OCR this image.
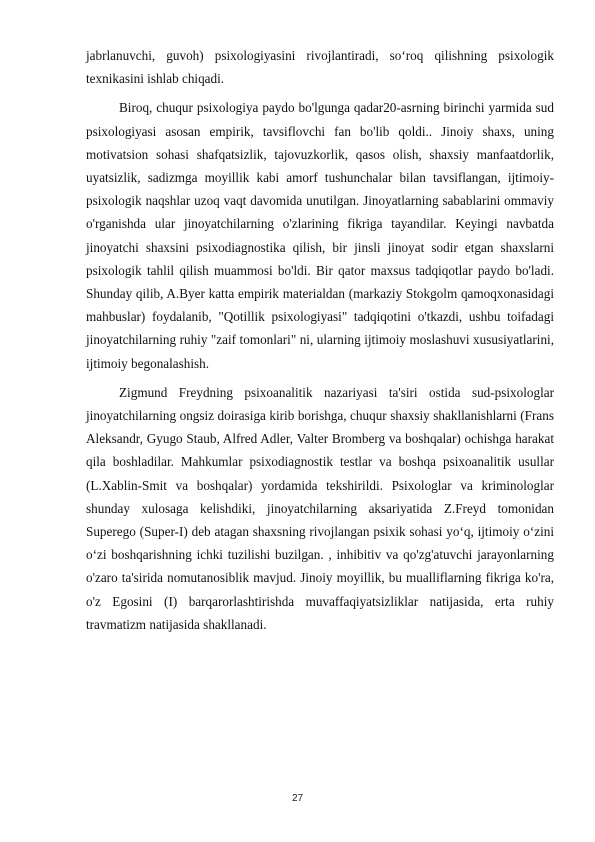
jabrlanuvchi, guvoh) psixologiyasini rivojlantiradi, so‘roq qilishning psixologik texnikasini ishlab chiqadi.

Biroq, chuqur psixologiya paydo bo'lgunga qadar20-asrning birinchi yarmida sud psixologiyasi asosan empirik, tavsiflovchi fan bo'lib qoldi.. Jinoiy shaxs, uning motivatsion sohasi shafqatsizlik, tajovuzkorlik, qasos olish, shaxsiy manfaatdorlik, uyatsizlik, sadizmga moyillik kabi amorf tushunchalar bilan tavsiflangan, ijtimoiy-psixologik naqshlar uzoq vaqt davomida unutilgan. Jinoyatlarning sabablarini ommaviy o'rganishda ular jinoyatchilarning o'zlarining fikriga tayandilar. Keyingi navbatda jinoyatchi shaxsini psixodiagnostika qilish, bir jinsli jinoyat sodir etgan shaxslarni psixologik tahlil qilish muammosi bo'ldi. Bir qator maxsus tadqiqotlar paydo bo'ladi. Shunday qilib, A.Byer katta empirik materialdan (markaziy Stokgolm qamoqxonasidagi mahbuslar) foydalanib, "Qotillik psixologiyasi" tadqiqotini o'tkazdi, ushbu toifadagi jinoyatchilarning ruhiy "zaif tomonlari" ni, ularning ijtimoiy moslashuvi xususiyatlarini, ijtimoiy begonalashish.

Zigmund Freydning psixoanalitik nazariyasi ta'siri ostida sud-psixologlar jinoyatchilarning ongsiz doirasiga kirib borishga, chuqur shaxsiy shakllanishlarni (Frans Aleksandr, Gyugo Staub, Alfred Adler, Valter Bromberg va boshqalar) ochishga harakat qila boshladilar. Mahkumlar psixodiagnostik testlar va boshqa psixoanalitik usullar (L.Xablin-Smit va boshqalar) yordamida tekshirildi. Psixologlar va kriminologlar shunday xulosaga kelishdiki, jinoyatchilarning aksariyatida Z.Freyd tomonidan Superego (Super-I) deb atagan shaxsning rivojlangan psixik sohasi yo‘q, ijtimoiy o‘zini o‘zi boshqarishning ichki tuzilishi buzilgan. , inhibitiv va qo'zg'atuvchi jarayonlarning o'zaro ta'sirida nomutanosiblik mavjud. Jinoiy moyillik, bu mualliflarning fikriga ko'ra, o'z Egosini (I) barqarorlashtirishda muvaffaqiyatsizliklar natijasida, erta ruhiy travmatizm natijasida shakllanadi.

27
